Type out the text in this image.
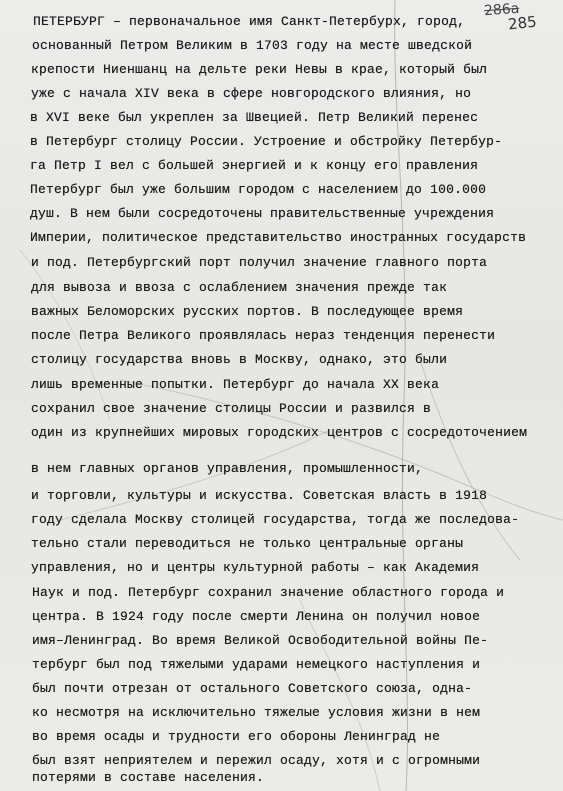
286а
285
ПЕТЕРБУРГ – первоначальное имя Санкт-Петербурх, город,
основанный Петром Великим в 1703 году на месте шведской
крепости Ниеншанц на дельте реки Невы в крае, который был
уже с начала XIV века в сфере новгородского влияния, но
в XVI веке был укреплен за Швецией. Петр Великий перенес
в Петербург столицу России. Устроение и обстройку Петербур-
га Петр I вел с большей энергией и к концу его правления
Петербург был уже большим городом с населением до 100.000
душ. В нем были сосредоточены правительственные учреждения
Империи, политическое представительство иностранных государств
и под. Петербургский порт получил значение главного порта
для вывоза и ввоза с ослаблением значения прежде так
важных Беломорских русских портов. В последующее время
после Петра Великого проявлялась нераз тенденция перенести
столицу государства вновь в Москву, однако, это были
лишь временные попытки. Петербург до начала XX века
сохранил свое значение столицы России и развился в
один из крупнейших мировых городских центров с сосредоточением
в нем главных органов управления, промышленности,
и торговли, культуры и искусства. Советская власть в 1918
году сделала Москву столицей государства, тогда же последова-
тельно стали переводиться не только центральные органы
управления, но и центры культурной работы – как Академия
Наук и под. Петербург сохранил значение областного города и
центра. В 1924 году после смерти Ленина он получил новое
имя–Ленинград. Во время Великой Освободительной войны Пе-
тербург был под тяжелыми ударами немецкого наступления и
был почти отрезан от остального Советского союза, одна-
ко несмотря на исключительно тяжелые условия жизни в нем
во время осады и трудности его обороны Ленинград не
был взят неприятелем и пережил осаду, хотя и с огромными
потерями в составе населения.
